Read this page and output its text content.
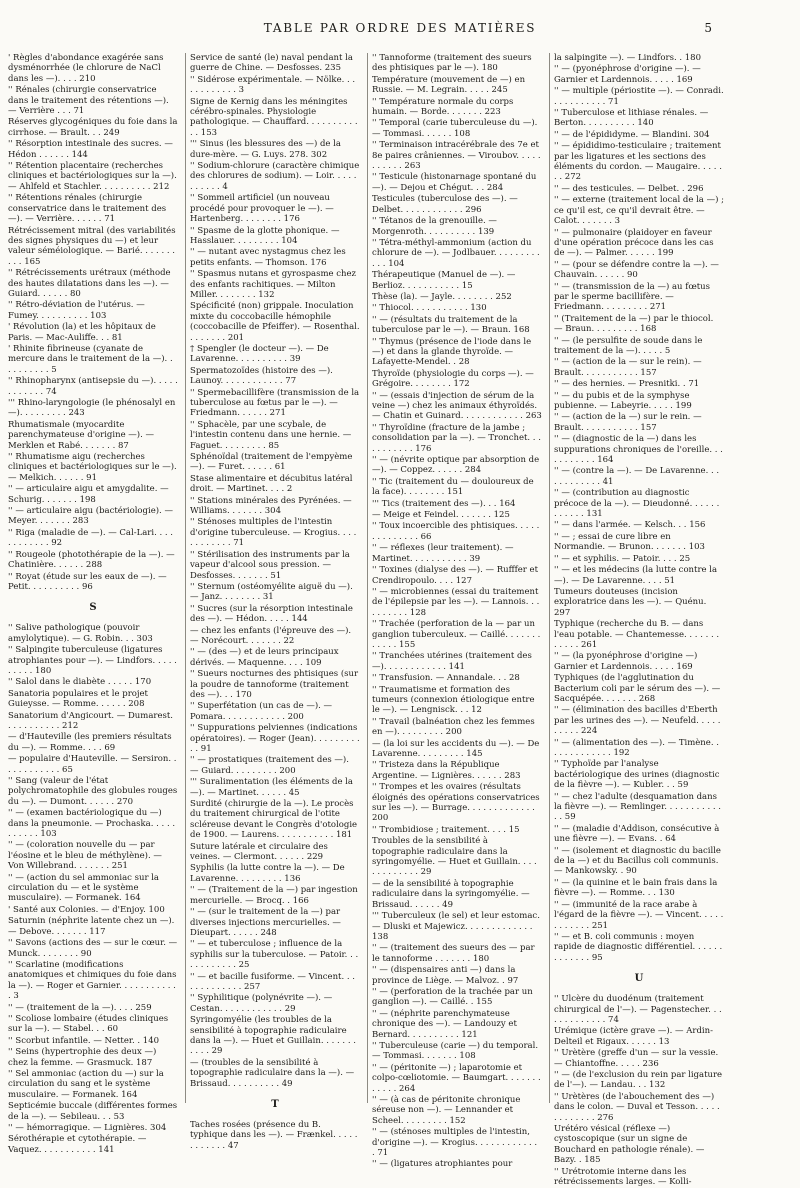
TABLE PAR ORDRE DES MATIÈRES	5
' Règles d'abondance exagérée sans dysménorrhée (le chlorure de NaCl dans les —). . . . 210
'' Rénales (chirurgie conservatrice dans le traitement des rétentions —). — Verrière . . . 71
Réserves glycogéniques du foie dans la cirrhose. — Brault. . . 249
'' Résorption intestinale des sucres. — Hédon . . . . . . 144
'' Rétention placentaire (recherches cliniques et bactériologiques sur la —). — Ahlfeld et Stachler. . . . . . . . . . 212
'' Rétentions rénales (chirurgie conservatrice dans le traitement des —). — Verrière. . . . . . 71
Rétrécissement mitral (des variabilités des signes physiques du —) et leur valeur séméiologique. — Barié. . . . . . . . . . 165
'' Rétrécissements urétraux (méthode des hautes dilatations dans les —). — Guiard. . . . . . 80
'' Rétro-déviation de l'utérus. — Fumey. . . . . . . . . . 103
' Révolution (la) et les hôpitaux de Paris. — Mac-Auliffe. . . 81
' Rhinite fibrineuse (cyanate de mercure dans le traitement de la —). . . . . . . . . . 5
'' Rhinopharynx (antisepsie du —). . . . . . . . . . . . 74
''' Rhino-laryngologie (le phénosalyl en —). . . . . . . . . 243
Rhumatismale (myocardite parenchymateuse d'origine —). — Merklen et Rabé. . . . . . . 87
'' Rhumatisme aigu (recherches cliniques et bactériologiques sur le —). — Melkich. . . . . . 91
'' — articulaire aigu et amygdalite. — Schurig. . . . . . . 198
'' — articulaire aigu (bactériologie). — Meyer. . . . . . . 283
'' Riga (maladie de —). — Cal-Lari. . . . . . . . . . . . 92
'' Rougeole (photothérapie de la —). — Chatinière. . . . . . 288
'' Royat (étude sur les eaux de —). — Petit. . . . . . . . . . 96
S
'' Salive pathologique (pouvoir amylolytique). — G. Robin. . . 303
'' Salpingite tuberculeuse (ligatures atrophiantes pour —). — Lindfors. . . . . . . . . . 180
'' Salol dans le diabète . . . . . 170
Sanatoria populaires et le projet Guieysse. — Romme. . . . . . 208
Sanatorium d'Angicourt. — Dumarest. . . . . . . . . . . 212
— d'Hauteville (les premiers résultats du —). — Romme. . . . 69
— populaire d'Hauteville. — Sersiron. . . . . . . . . . . . 65
'' Sang (valeur de l'état polychromatophile des globules rouges du —). — Dumont. . . . . . 270
'' — (examen bactériologique du —) dans la pneumonie. — Prochaska. . . . . . . . . . . 103
'' — (coloration nouvelle du — par l'éosine et le bleu de méthylène). — Von Willebrand. . . . . . . 251
'' — (action du sel ammoniac sur la circulation du — et le système musculaire). — Formanek. 164
' Santé aux Colonies. — d'Enjoy. 100
Saturnin (néphrite latente chez un —). — Debove. . . . . . . 117
'' Savons (actions des — sur le cœur. — Munck. . . . . . . . 90
'' Scarlatine (modifications anatomiques et chimiques du foie dans la —). — Roger et Garnier. . . . . . . . . . . . 3
'' — (traitement de la —). . . . 259
'' Scoliose lombaire (études cliniques sur la —). — Stabel. . . 60
'' Scorbut infantile. — Netter. . 140
'' Seins (hypertrophie des deux —) chez la femme. — Grasmuck. 187
'' Sel ammoniac (action du —) sur la circulation du sang et le système musculaire. — Formanek. 164
Septicémie buccale (différentes formes de la —). — Sebileau. . . 53
'' — hémorragique. — Lignières. 304
Sérothérapie et cytothérapie. — Vaquez. . . . . . . . . . . 141
Service de santé (le) naval pendant la guerre de Chine. — Desfosses. 235
'' Sidérose expérimentale. — Nölke. . . . . . . . . . . . 3
Signe de Kernig dans les méningites cérébro-spinales. Physiologie pathologique. — Chauffard. . . . . . . . . . . . 153
''' Sinus (les blessures des —) de la dure-mère. — G. Luys. 278. 302
'' Sodium-chlorure (caractère chimique des chlorures de sodium). — Loir. . . . . . . . . . . 4
'' Sommeil artificiel (un nouveau procédé pour provoquer le —). — Hartenberg. . . . . . . . 176
'' Spasme de la glotte phonique. — Hasslauer. . . . . . . . . 104
'' — nutant avec nystagmus chez les petits enfants. — Thomson. 176
'' Spasmus nutans et gyrospasme chez des enfants rachitiques. — Milton Miller. . . . . . . . 132
Spécificité (non) grippale. Inoculation mixte du coccobacille hémophile (coccobacille de Pfeiffer). — Rosenthal. . . . . . . . 201
† Spengler (le docteur —). — De Lavarenne. . . . . . . . . . 39
Spermatozoïdes (histoire des —). Launoy. . . . . . . . . . . . 77
'' Spermebacillifère (transmission de la tuberculose au fœtus par le —). — Friedmann. . . . . . 271
'' Sphacèle, par une scybale, de l'intestin contenu dans une hernie. — Faguet. . . . . . . . . 85
Sphénoïdal (traitement de l'empyème —). — Furet. . . . . . 61
Stase alimentaire et décubitus latéral droit. — Martinet. . . . 2
'' Stations minérales des Pyrénées. — Williams. . . . . . . 304
'' Sténoses multiples de l'intestin d'origine tuberculeuse. — Krogius. . . . . . . . . . . . 71
'' Stérilisation des instruments par la vapeur d'alcool sous pression. — Desfosses. . . . . . . 51
'' Sternum (ostéomyélite aiguë du —). — Janz. . . . . . . . 31
'' Sucres (sur la résorption intestinale des —). — Hédon. . . . . 144
— chez les enfants (l'épreuve des —). — Norécourt. . . . . . . 22
'' — (des —) et de leurs principaux dérivés. — Maquenne. . . . 109
'' Sueurs nocturnes des phtisiques (sur la poudre de tannoforme (traitement des —). . . 170
'' Superfétation (un cas de —). — Pomara. . . . . . . . . . . . 200
'' Suppurations pelviennes (indications opératoires). — Roger (Jean). . . . . . . . . . . 91
'' — prostatiques (traitement des —). — Guiard. . . . . . . . . 200
''' Suralimentation (les éléments de la —). — Martinet. . . . . . 45
Surdité (chirurgie de la —). Le procès du traitement chirurgical de l'otite scléreuse devant le Congrès d'otologie de 1900. — Laurens. . . . . . . . . . . 181
Suture latérale et circulaire des veines. — Clermont. . . . . . 229
Syphilis (la lutte contre la —). — De Lavarenne. . . . . . . . . 136
'' — (Traitement de la —) par ingestion mercurielle. — Brocq. . 166
'' — (sur le traitement de la —) par diverses injections mercurielles. — Dieupart. . . . . . 248
'' — et tuberculose ; influence de la syphilis sur la tuberculose. — Patoir. . . . . . . . . . . . 25
'' — et bacille fusiforme. — Vincent. . . . . . . . . . . . . 257
'' Syphilitique (polynévrite —). — Cestan. . . . . . . . . . . . 29
Syringomyélie (les troubles de la sensibilité à topographie radiculaire dans la —). — Huet et Guillain. . . . . . . . . . . 29
— (troubles de la sensibilité à topographie radiculaire dans la —). — Brissaud. . . . . . . . . . 49
T
Taches rosées (présence du B. typhique dans les —). — Frænkel. . . . . . . . . . . . 47
'' Tannoforme (traitement des sueurs des phtisiques par le —). 180
Température (mouvement de —) en Russie. — M. Legrain. . . . . 245
'' Température normale du corps humain. — Borde. . . . . . . 223
'' Temporal (carie tuberculeuse du —). — Tommasi. . . . . . 108
'' Terminaison intracérébrale des 7e et 8e paires crâniennes. — Viroubov. . . . . . . . . . . 263
'' Testicule (histonarnage spontané du —). — Dejou et Chégut. . . 284
Testicules (tuberculose des —). — Delbet. . . . . . . . . . . . 296
'' Tétanos de la grenouille. — Morgenroth. . . . . . . . . . 139
'' Tétra-méthyl-ammonium (action du chlorure de —). — Jodlbauer. . . . . . . . . . . . 104
Thérapeutique (Manuel de —). — Berlioz. . . . . . . . . . . 15
Thèse (la). — Jayle. . . . . . . . 252
'' Thiocol. . . . . . . . . . . 130
'' — (résultats du traitement de la tuberculose par le —). — Braun. 168
'' Thymus (présence de l'iode dans le —) et dans la glande thyroïde. — Lafayette-Mendel. . 28
Thyroïde (physiologie du corps —). — Grégoire. . . . . . . . 172
'' — (essais d'injection de sérum de la veine —) chez les animaux éthyroïdés. — Chatin et Guinard. . . . . . . . . . . . 263
'' Thyroïdine (fracture de la jambe ; consolidation par la —). — Tronchet. . . . . . . . . . . 176
'' — (névrite optique par absorption de —). — Coppez. . . . . . 284
'' Tic (traitement du — douloureux de la face). . . . . . . . 151
''' Tics (traitement des —). . . 164
— Meige et Feindel. . . . . . . 125
'' Toux incoercible des phtisiques. . . . . . . . . . . . . . 66
'' — réflexes (leur traitement). — Martinet. . . . . . . . . . . 39
'' Toxines (dialyse des —). — Rufffer et Crendiropoulo. . . . 127
'' — microbiennes (essai du traitement de l'épilepsie par les —). — Lannois. . . . . . . . . . 128
'' Trachée (perforation de la — par un ganglion tuberculeux. — Caillé. . . . . . . . . . . . 155
'' Tranchées utérines (traitement des —). . . . . . . . . . . . 141
'' Transfusion. — Annandale. . . 28
'' Traumatisme et formation des tumeurs (connexion étiologique entre le —). — Lengnisck. . . 12
'' Travail (balnéation chez les femmes en —). . . . . . . . . 200
— (la loi sur les accidents du —). — De Lavarenne. . . . . . . . . 145
'' Tristeza dans la République Argentine. — Lignières. . . . . . 283
'' Trompes et les ovaires (résultats éloignés des opérations conservatrices sur les —). — Burrage. . . . . . . . . . . . . 200
'' Trombidiose ; traitement. . . . 15
Troubles de la sensibilité à topographie radiculaire dans la syringomyélie. — Huet et Guillain. . . . . . . . . . . . . 29
— de la sensibilité à topographie radiculaire dans la syringomyélie. — Brissaud. . . . . . 49
''' Tuberculeux (le sel) et leur estomac. — Dluski et Majewicz. . . . . . . . . . . . . 138
'' — (traitement des sueurs des — par le tannoforme . . . . . . . 180
'' — (dispensaires anti —) dans la province de Liège. — Malvoz. . 97
'' — (perforation de la trachée par un ganglion —). — Caillé. . 155
'' — (néphrite parenchymateuse chronique des —). — Landouzy et Bernard. . . . . . . . . . 121
'' Tuberculeuse (carie —) du temporal. — Tommasi. . . . . . . 108
'' — (péritonite —) ; laparotomie et colpo-cœliotomie. — Baumgart. . . . . . . . . . . . 264
'' — (à cas de péritonite chronique séreuse non —). — Lennander et Scheel. . . . . . . . . 152
'' — (sténoses multiples de l'intestin, d'origine —). — Krogius. . . . . . . . . . . . . 71
'' — (ligatures atrophiantes pour
la salpingite —). — Lindfors. . 180
'' — (pyonéphrose d'origine —). — Garnier et Lardennois. . . . . 169
'' — multiple (périostite —). — Conradi. . . . . . . . . . . 71
'' Tuberculose et lithiase rénales. — Berton. . . . . . . . . . 140
'' — de l'épididyme. — Blandini. 304
'' — épididimo-testiculaire ; traitement par les ligatures et les sections des éléments du cordon. — Maugaire. . . . . . . 272
'' — des testicules. — Delbet. . 296
'' — externe (traitement local de la —) ; ce qu'il est, ce qu'il devrait être. — Calot. . . . . . . 3
'' — pulmonaire (plaidoyer en faveur d'une opération précoce dans les cas de —). — Palmer. . . . . . 199
'' — (pour se défendre contre la —). — Chauvain. . . . . . 90
'' — (transmission de la —) au fœtus par le sperme bacillifère. — Friedmann. . . . . . . . . 271
'' (Traitement de la —) par le thiocol. — Braun. . . . . . . . . 168
'' — (le persulfite de soude dans le traitement de la —). . . . . 5
'' — (action de la — sur le rein). — Brault. . . . . . . . . . . 157
'' — des hernies. — Presnitki. . 71
'' — du pubis et de la symphyse pubienne. — Labeyrie. . . . . 199
'' — (action de la —) sur le rein. — Brault. . . . . . . . . . . 157
'' — (diagnostic de la —) dans les suppurations chroniques de l'oreille. . . . . . . . . . . 164
'' — (contre la —). — De Lavarenne. . . . . . . . . . . . 41
'' — (contribution au diagnostic précoce de la —). — Dieudonné. . . . . . . . . . . . 131
'' — dans l'armée. — Kelsch. . . 156
'' — ; essai de cure libre en Normandie. — Brunon. . . . . . . 103
'' — et syphilis. — Patoir. . . . 25
'' — et les médecins (la lutte contre la —). — De Lavarenne. . . . 51
Tumeurs douteuses (incision exploratrice dans les —). — Quénu. 297
Typhique (recherche du B. — dans l'eau potable. — Chantemesse. . . . . . . . . . . . 261
'' — (la pyonéphrose d'origine —) Garnier et Lardennois. . . . . 169
Typhiques (de l'agglutination du Bacterium coli par le sérum des —). — Sacquépée. . . . . . . 268
'' — (élimination des bacilles d'Eberth par les urines des —). — Neufeld. . . . . . . . . . 224
'' — (alimentation des —). — Timène. . . . . . . . . . . . . 192
'' Typhoïde par l'analyse bactériologique des urines (diagnostic de la fièvre —). — Kubler. . . 59
'' — chez l'adulte (desquamation dans la fièvre —). — Remlinger. . . . . . . . . . . . . 59
'' — (maladie d'Addison, consécutive à une fièvre —). — Evans. . 64
'' — (isolement et diagnostic du bacille de la —) et du Bacillus coli communis. — Mankowsky. . 90
'' — (la quinine et le bain frais dans la fièvre —). — Romme. . . 130
'' — (immunité de la race arabe à l'égard de la fièvre —). — Vincent. . . . . . . . . . . . 251
'' — et B. coli communis : moyen rapide de diagnostic différentiel. . . . . . . . . . . . . 95
U
'' Ulcère du duodénum (traitement chirurgical de l'—). — Pagenstecher. . . . . . . . . . . . . 74
Urémique (ictère grave —). — Ardin-Delteil et Rigaux. . . . . . 13
'' Urètère (greffe d'un — sur la vessie. — Chiantoffne. . . . . 236
'' — (de l'exclusion du rein par ligature de l'—). — Landau. . . 132
'' Urètères (de l'abouchement des —) dans le colon. — Duval et Tesson. . . . . . . . . . . . . 276
Urétéro vésical (réflexe —) cystoscopique (sur un signe de Bouchard en pathologie rénale). — Bazy. . 185
'' Urétrotomie interne dans les rétrécissements larges. — Kolli-
